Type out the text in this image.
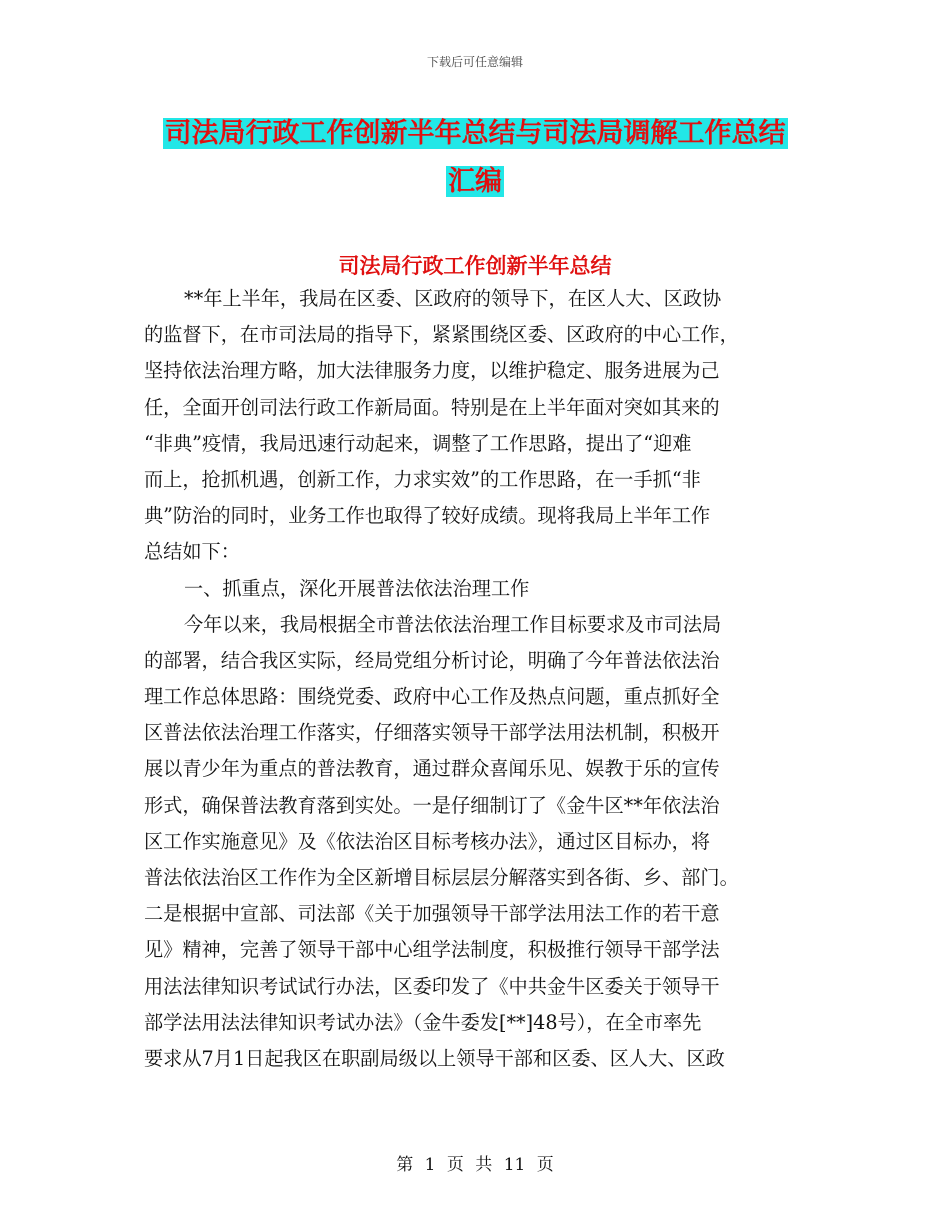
下载后可任意编辑
司法局行政工作创新半年总结与司法局调解工作总结
汇编
司法局行政工作创新半年总结
**年上半年，我局在区委、区政府的领导下，在区人大、区政协
的监督下，在市司法局的指导下，紧紧围绕区委、区政府的中心工作，
坚持依法治理方略，加大法律服务力度，以维护稳定、服务进展为己
任，全面开创司法行政工作新局面。特别是在上半年面对突如其来的
“非典”疫情，我局迅速行动起来，调整了工作思路，提出了“迎难
而上，抢抓机遇，创新工作，力求实效”的工作思路，在一手抓“非
典”防治的同时，业务工作也取得了较好成绩。现将我局上半年工作
总结如下：
一、抓重点，深化开展普法依法治理工作
今年以来，我局根据全市普法依法治理工作目标要求及市司法局
的部署，结合我区实际，经局党组分析讨论，明确了今年普法依法治
理工作总体思路：围绕党委、政府中心工作及热点问题，重点抓好全
区普法依法治理工作落实，仔细落实领导干部学法用法机制，积极开
展以青少年为重点的普法教育，通过群众喜闻乐见、娱教于乐的宣传
形式，确保普法教育落到实处。一是仔细制订了《金牛区**年依法治
区工作实施意见》及《依法治区目标考核办法》，通过区目标办，将
普法依法治区工作作为全区新增目标层层分解落实到各街、乡、部门。
二是根据中宣部、司法部《关于加强领导干部学法用法工作的若干意
见》精神，完善了领导干部中心组学法制度，积极推行领导干部学法
用法法律知识考试试行办法，区委印发了《中共金牛区委关于领导干
部学法用法法律知识考试办法》（金牛委发[**]48号），在全市率先
要求从7月1日起我区在职副局级以上领导干部和区委、区人大、区政
第 1 页 共 11 页
